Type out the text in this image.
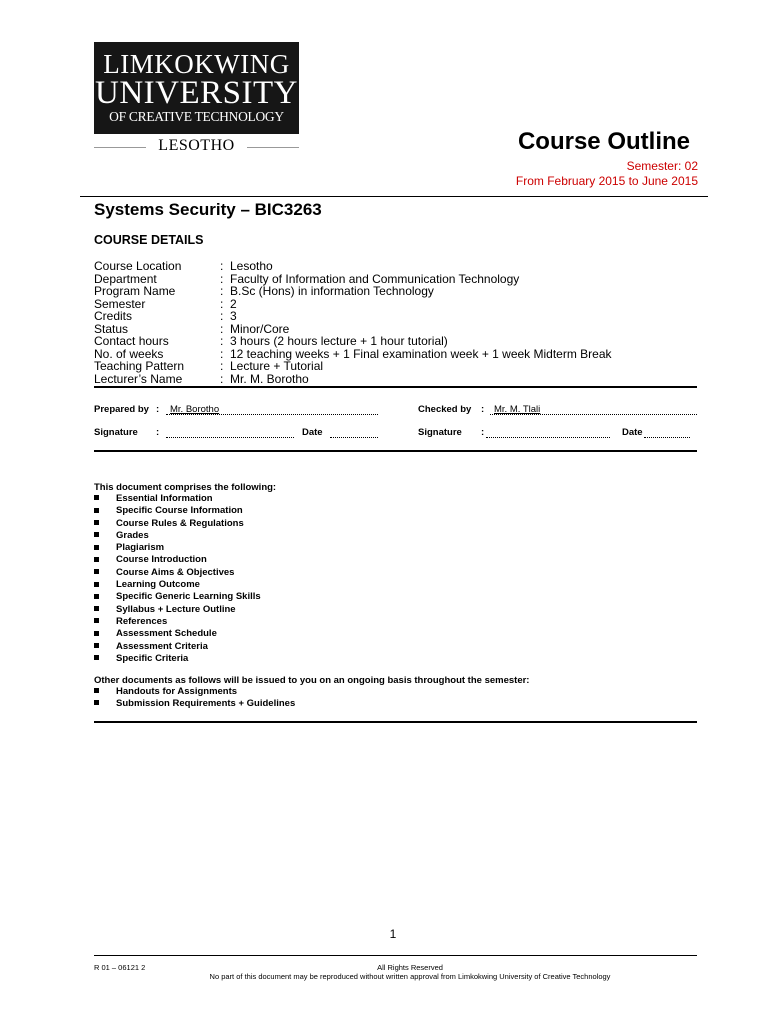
LIMKOKWING
UNIVERSITY
OF CREATIVE TECHNOLOGY
LESOTHO	Course Outline
Semester: 02
From February 2015 to June 2015
Systems Security – BIC3263
COURSE DETAILS
Course Location	: Lesotho
Department	: Faculty of Information and Communication Technology
Program Name	: B.Sc (Hons) in information Technology
Semester	: 2
Credits	: 3
Status	: Minor/Core
Contact hours	: 3 hours (2 hours lecture + 1 hour tutorial)
No. of weeks	: 12 teaching weeks + 1 Final examination week + 1 week Midterm Break
Teaching Pattern	: Lecture + Tutorial
Lecturer’s Name	: Mr. M. Borotho
Prepared by : Mr. Borotho	Checked by : Mr. M. Tlali
Signature :	Date	Signature :	Date
This document comprises the following:
Essential Information
Specific Course Information
Course Rules & Regulations
Grades
Plagiarism
Course Introduction
Course Aims & Objectives
Learning Outcome
Specific Generic Learning Skills
Syllabus + Lecture Outline
References
Assessment Schedule
Assessment Criteria
Specific Criteria
Other documents as follows will be issued to you on an ongoing basis throughout the semester:
Handouts for Assignments
Submission Requirements + Guidelines
1
R 01 – 06121 2	All Rights Reserved
No part of this document may be reproduced without written approval from Limkokwing University of Creative Technology
